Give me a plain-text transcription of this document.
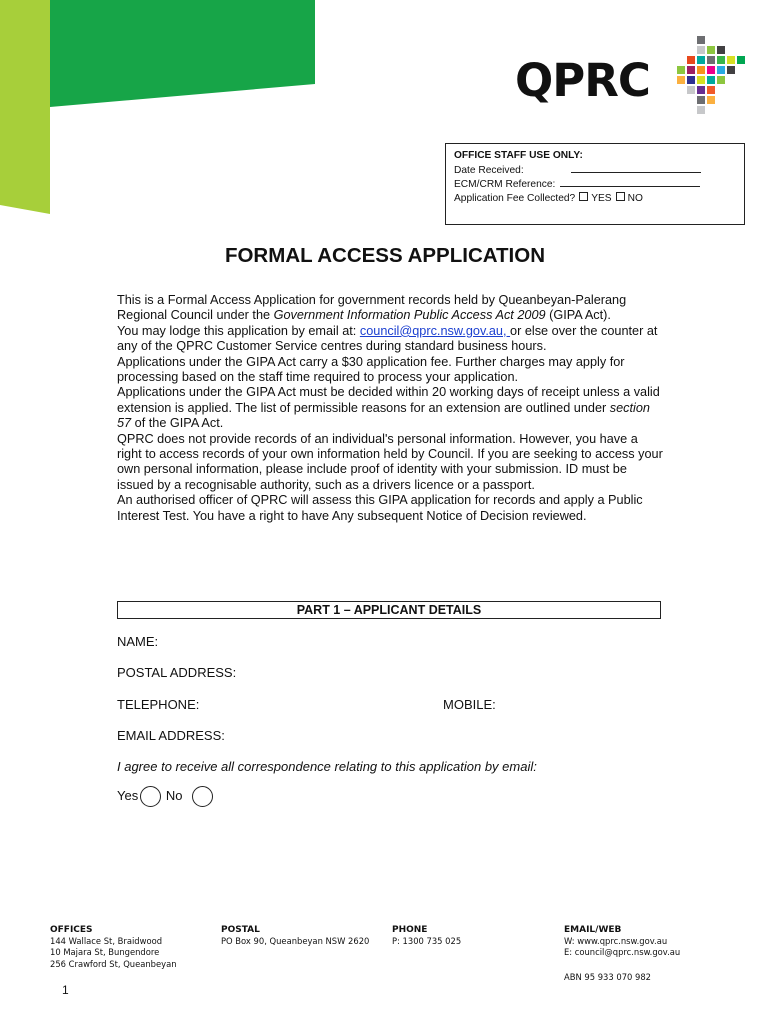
QPRC
OFFICE STAFF USE ONLY:
Date Received:
ECM/CRM Reference:
Application Fee Collected? YES NO
FORMAL ACCESS APPLICATION

This is a Formal Access Application for government records held by Queanbeyan-Palerang Regional Council under the Government Information Public Access Act 2009 (GIPA Act).

You may lodge this application by email at: council@qprc.nsw.gov.au, or else over the counter at any of the QPRC Customer Service centres during standard business hours.

Applications under the GIPA Act carry a $30 application fee. Further charges may apply for processing based on the staff time required to process your application.

Applications under the GIPA Act must be decided within 20 working days of receipt unless a valid extension is applied. The list of permissible reasons for an extension are outlined under section 57 of the GIPA Act.

QPRC does not provide records of an individual's personal information. However, you have a right to access records of your own information held by Council. If you are seeking to access your own personal information, please include proof of identity with your submission. ID must be issued by a recognisable authority, such as a drivers licence or a passport.

An authorised officer of QPRC will assess this GIPA application for records and apply a Public Interest Test. You have a right to have Any subsequent Notice of Decision reviewed.

PART 1 – APPLICANT DETAILS
NAME:
POSTAL ADDRESS:
TELEPHONE:	MOBILE:
EMAIL ADDRESS:
I agree to receive all correspondence relating to this application by email:
Yes No
OFFICES
144 Wallace St, Braidwood
10 Majara St, Bungendore
256 Crawford St, Queanbeyan
POSTAL
PO Box 90, Queanbeyan NSW 2620
PHONE
P: 1300 735 025
EMAIL/WEB
W: www.qprc.nsw.gov.au
E: council@qprc.nsw.gov.au
ABN 95 933 070 982
1
